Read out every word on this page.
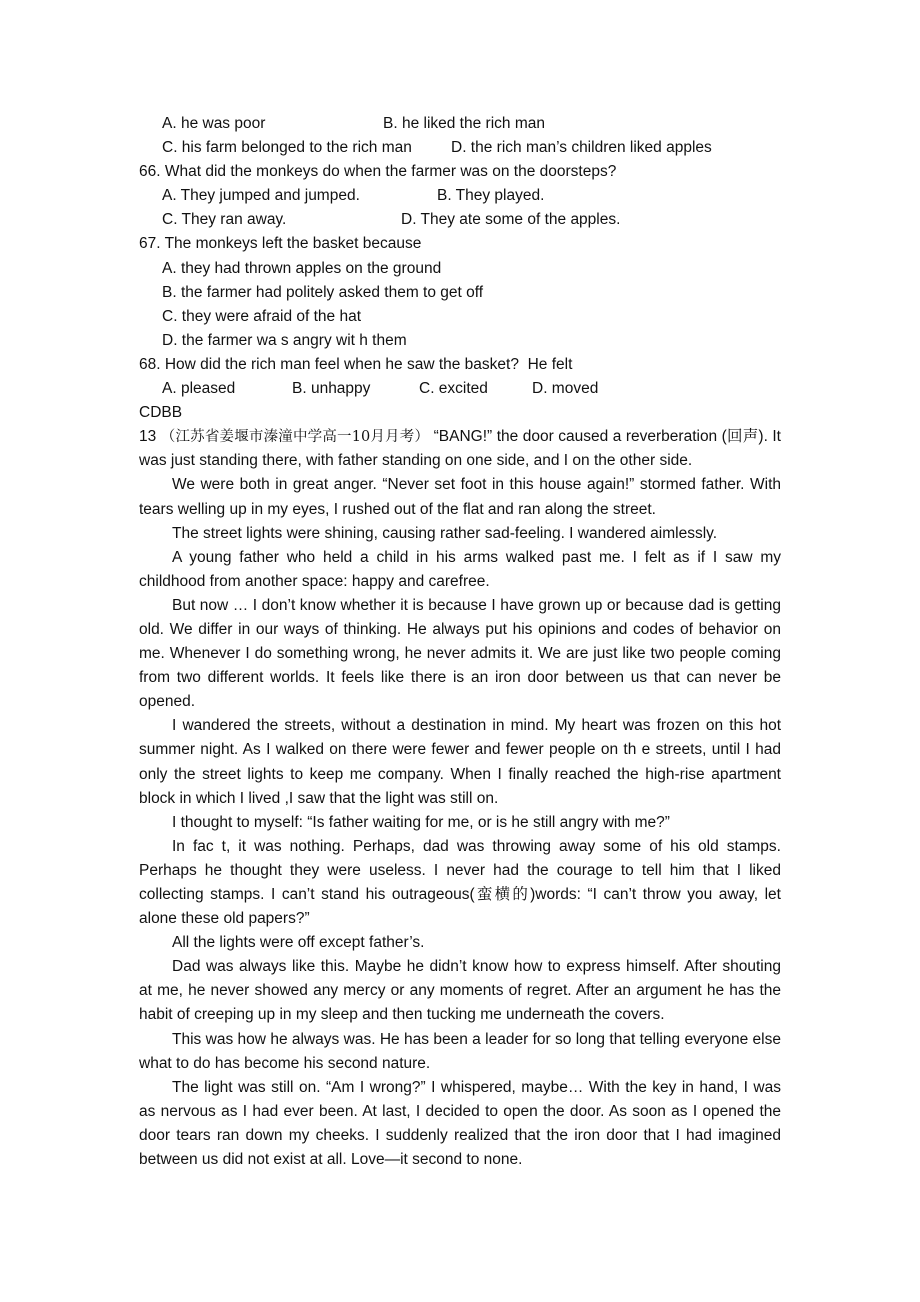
A. he was poor	B. he liked the rich man
C. his farm belonged to the rich man	D. the rich man’s children liked apples
66. What did the monkeys do when the farmer was on the doorsteps?
A. They jumped and jumped.	B. They played.
C. They ran away.	D. They ate some of the apples.
67. The monkeys left the basket because
A. they had thrown apples on the ground
B. the farmer had politely asked them to get off
C. they were afraid of the hat
D. the farmer wa s angry wit h them
68. How did the rich man feel when he saw the basket?  He felt
A. pleased	B. unhappy	C. excited	D. moved
CDBB

13 （江苏省姜堰市溱潼中学高一10月月考） “BANG!” the door caused a reverberation (回声). It was just standing there, with father standing on one side, and I on the other side.

We were both in great anger. “Never set foot in this house again!” stormed father. With tears welling up in my eyes, I rushed out of the flat and ran along the street.

The street lights were shining, causing rather sad-feeling. I wandered aimlessly.

A young father who held a child in his arms walked past me. I felt as if I saw my childhood from another space: happy and carefree.

But now … I don’t know whether it is because I have grown up or because dad is getting old. We differ in our ways of thinking. He always put his opinions and codes of behavior on me. Whenever I do something wrong, he never admits it. We are just like two people coming from two different worlds. It feels like there is an iron door between us that can never be opened.

I wandered the streets, without a destination in mind. My heart was frozen on this hot summer night. As I walked on there were fewer and fewer people on th e streets, until I had only the street lights to keep me company. When I finally reached the high-rise apartment block in which I lived ,I saw that the light was still on.

I thought to myself: “Is father waiting for me, or is he still angry with me?”

In fac t, it was nothing. Perhaps, dad was throwing away some of his old stamps. Perhaps he thought they were useless. I never had the courage to tell him that I liked collecting stamps. I can’t stand his outrageous(蛮横的)words: “I can’t throw you away, let alone these old papers?”

All the lights were off except father’s.

Dad was always like this. Maybe he didn’t know how to express himself. After shouting at me, he never showed any mercy or any moments of regret. After an argument he has the habit of creeping up in my sleep and then tucking me underneath the covers.

This was how he always was. He has been a leader for so long that telling everyone else what to do has become his second nature.

The light was still on. “Am I wrong?” I whispered, maybe… With the key in hand, I was as nervous as I had ever been. At last, I decided to open the door. As soon as I opened the door tears ran down my cheeks. I suddenly realized that the iron door that I had imagined between us did not exist at all. Love—it second to none.
